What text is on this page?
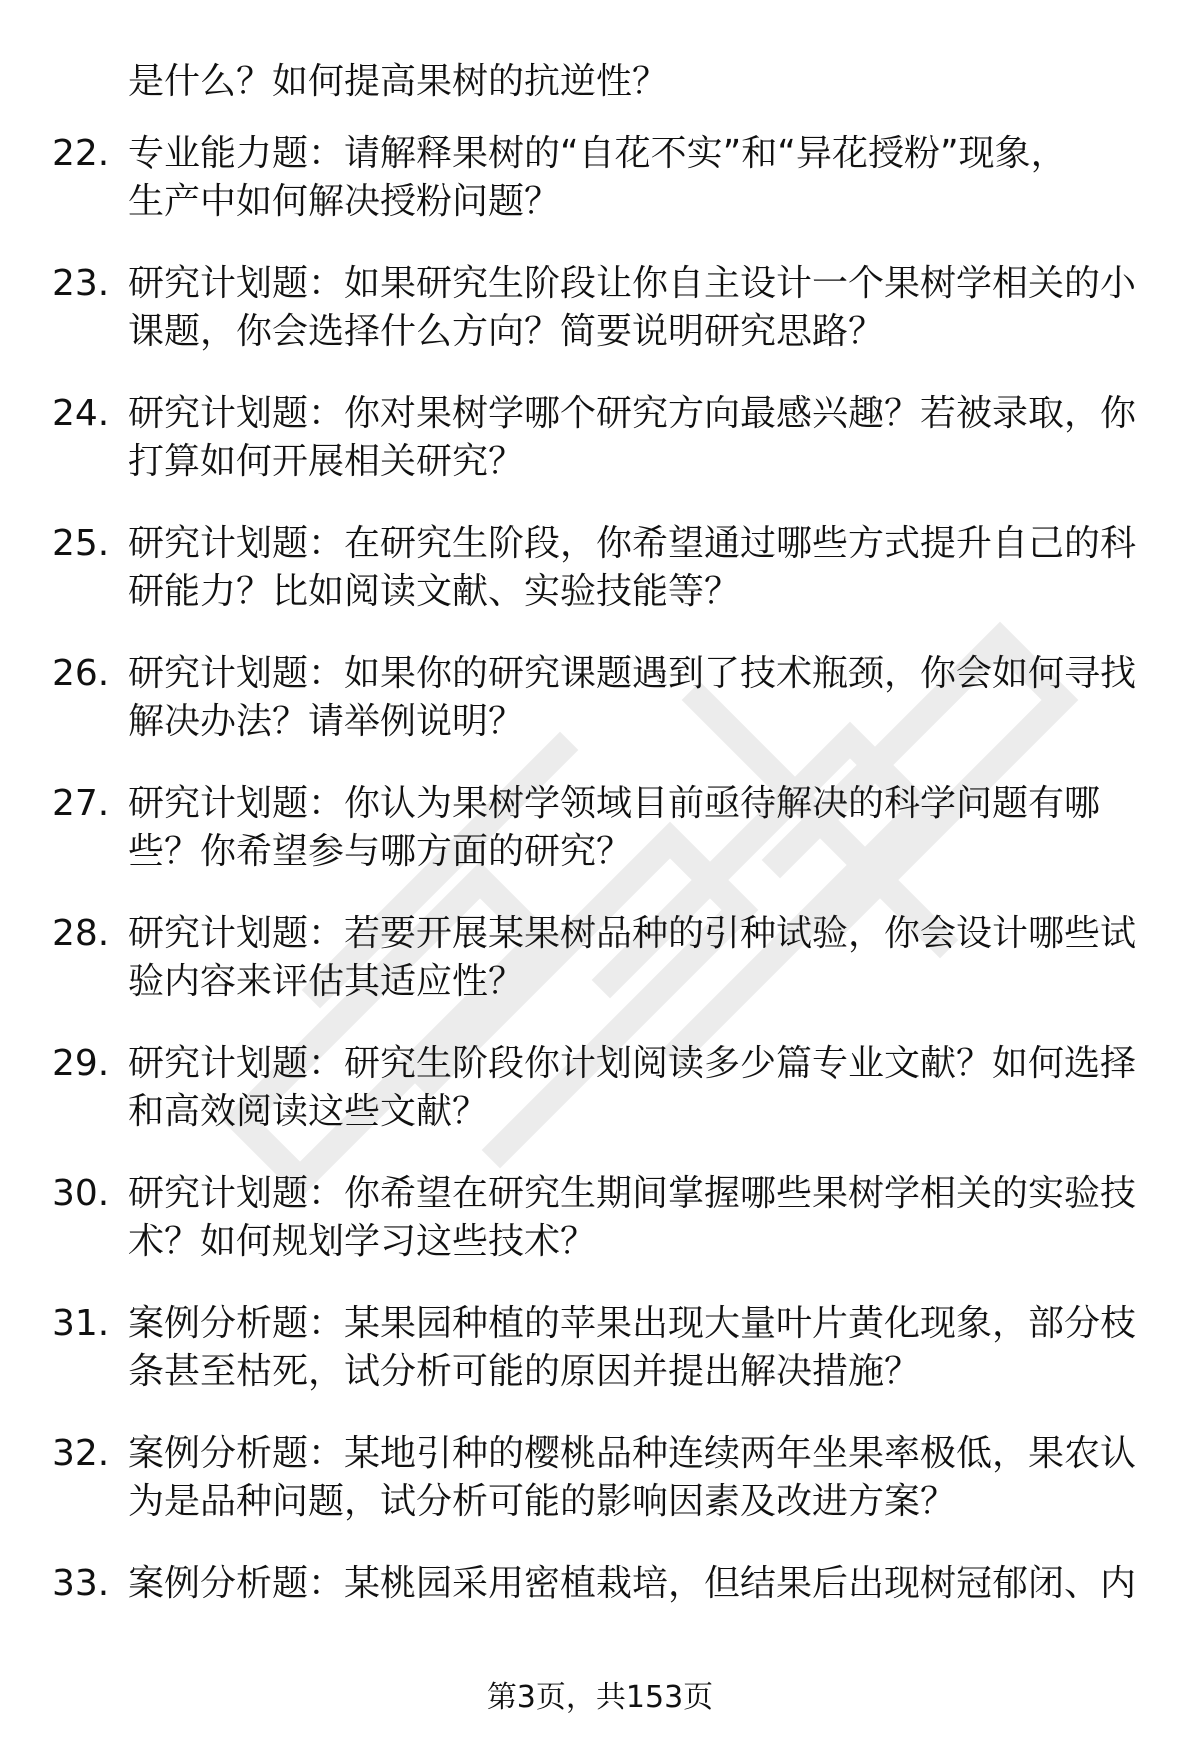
是什么？如何提高果树的抗逆性？

22. 专业能力题：请解释果树的“自花不实”和“异花授粉”现象，
生产中如何解决授粉问题？
23. 研究计划题：如果研究生阶段让你自主设计一个果树学相关的小
课题，你会选择什么方向？简要说明研究思路？
24. 研究计划题：你对果树学哪个研究方向最感兴趣？若被录取，你
打算如何开展相关研究？
25. 研究计划题：在研究生阶段，你希望通过哪些方式提升自己的科
研能力？比如阅读文献、实验技能等？
26. 研究计划题：如果你的研究课题遇到了技术瓶颈，你会如何寻找
解决办法？请举例说明？
27. 研究计划题：你认为果树学领域目前亟待解决的科学问题有哪
些？你希望参与哪方面的研究？
28. 研究计划题：若要开展某果树品种的引种试验，你会设计哪些试
验内容来评估其适应性？
29. 研究计划题：研究生阶段你计划阅读多少篇专业文献？如何选择
和高效阅读这些文献？
30. 研究计划题：你希望在研究生期间掌握哪些果树学相关的实验技
术？如何规划学习这些技术？
31. 案例分析题：某果园种植的苹果出现大量叶片黄化现象，部分枝
条甚至枯死，试分析可能的原因并提出解决措施？
32. 案例分析题：某地引种的樱桃品种连续两年坐果率极低，果农认
为是品种问题，试分析可能的影响因素及改进方案？
33. 案例分析题：某桃园采用密植栽培，但结果后出现树冠郁闭、内
第3页，共153页
